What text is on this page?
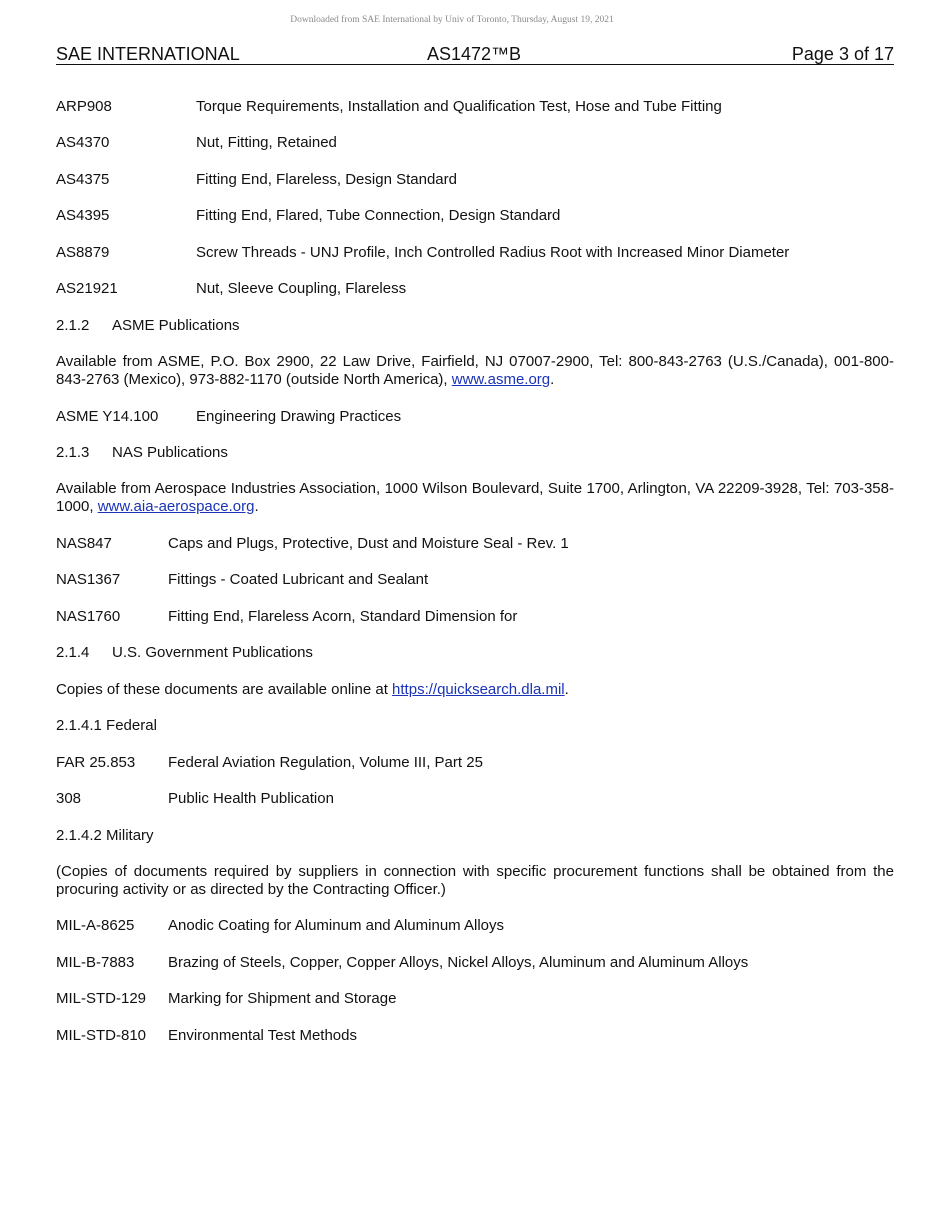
Downloaded from SAE International by Univ of Toronto, Thursday, August 19, 2021
SAE INTERNATIONAL	AS1472™B	Page 3 of 17
ARP908	Torque Requirements, Installation and Qualification Test, Hose and Tube Fitting
AS4370	Nut, Fitting, Retained
AS4375	Fitting End, Flareless, Design Standard
AS4395	Fitting End, Flared, Tube Connection, Design Standard
AS8879	Screw Threads - UNJ Profile, Inch Controlled Radius Root with Increased Minor Diameter
AS21921	Nut, Sleeve Coupling, Flareless
2.1.2 ASME Publications
Available from ASME, P.O. Box 2900, 22 Law Drive, Fairfield, NJ 07007-2900, Tel: 800-843-2763 (U.S./Canada), 001-800-843-2763 (Mexico), 973-882-1170 (outside North America), www.asme.org.
ASME Y14.100	Engineering Drawing Practices
2.1.3 NAS Publications
Available from Aerospace Industries Association, 1000 Wilson Boulevard, Suite 1700, Arlington, VA 22209-3928, Tel: 703-358-1000, www.aia-aerospace.org.
NAS847	Caps and Plugs, Protective, Dust and Moisture Seal - Rev. 1
NAS1367	Fittings - Coated Lubricant and Sealant
NAS1760	Fitting End, Flareless Acorn, Standard Dimension for
2.1.4 U.S. Government Publications
Copies of these documents are available online at https://quicksearch.dla.mil.
2.1.4.1 Federal
FAR 25.853 Federal Aviation Regulation, Volume III, Part 25
308	Public Health Publication
2.1.4.2 Military
(Copies of documents required by suppliers in connection with specific procurement functions shall be obtained from the procuring activity or as directed by the Contracting Officer.)
MIL-A-8625 Anodic Coating for Aluminum and Aluminum Alloys
MIL-B-7883 Brazing of Steels, Copper, Copper Alloys, Nickel Alloys, Aluminum and Aluminum Alloys
MIL-STD-129 Marking for Shipment and Storage
MIL-STD-810 Environmental Test Methods
